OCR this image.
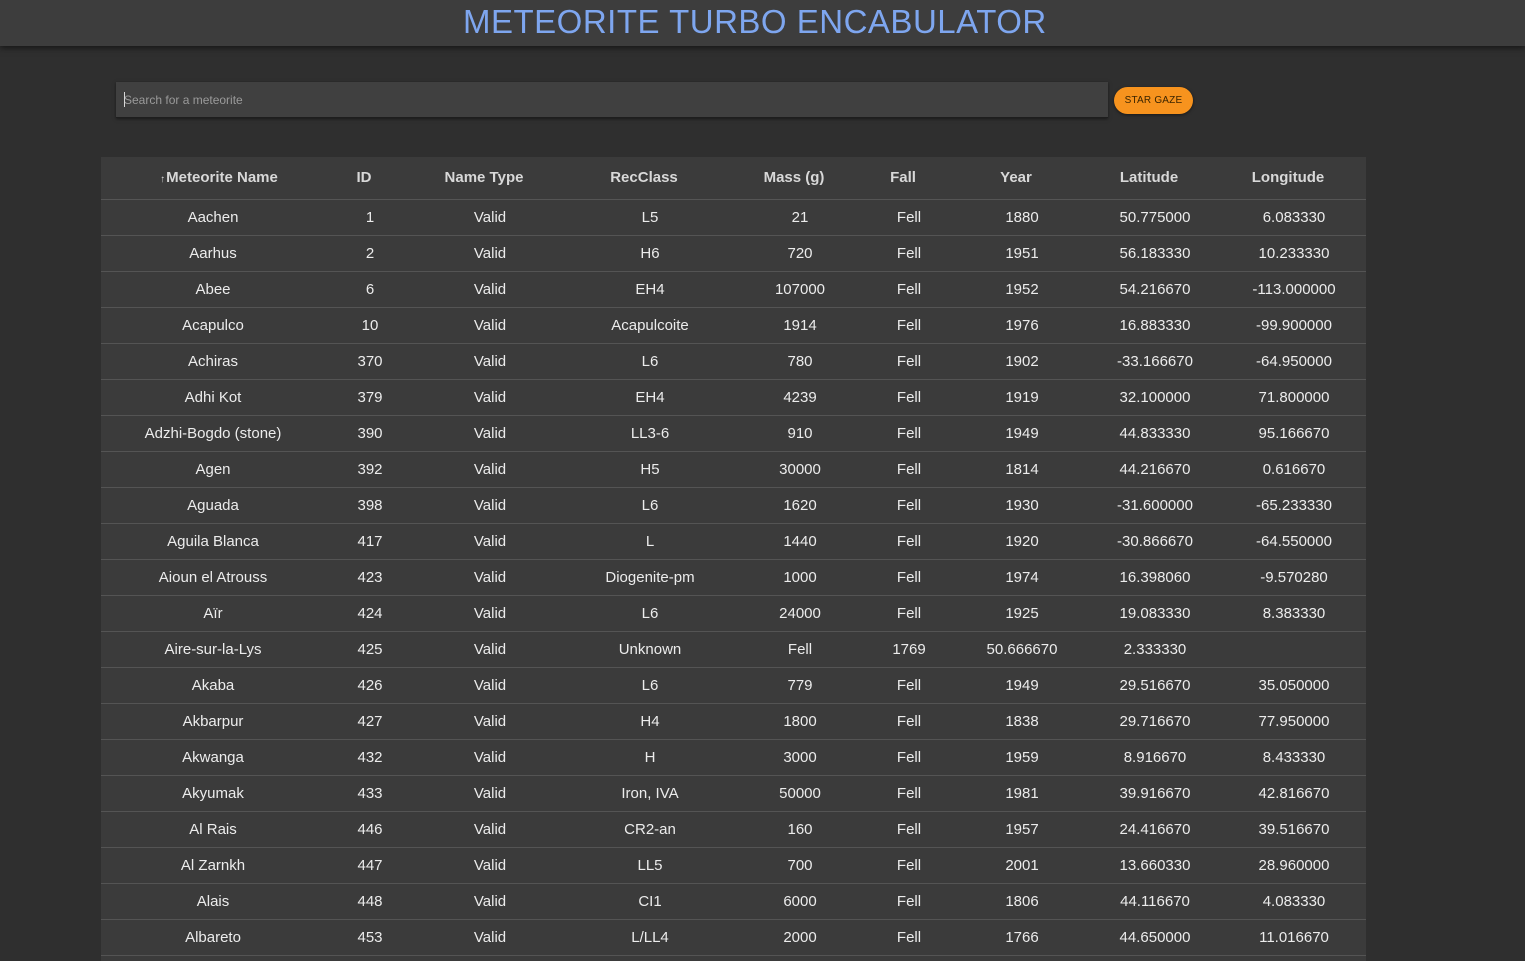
METEORITE TURBO ENCABULATOR
Search for a meteorite
STAR GAZE
↑Meteorite Name	ID	Name Type	RecClass	Mass (g)	Fall	Year	Latitude	Longitude
Aachen	1	Valid	L5	21	Fell	1880	50.775000	6.083330
Aarhus	2	Valid	H6	720	Fell	1951	56.183330	10.233330
Abee	6	Valid	EH4	107000	Fell	1952	54.216670	-113.000000
Acapulco	10	Valid	Acapulcoite	1914	Fell	1976	16.883330	-99.900000
Achiras	370	Valid	L6	780	Fell	1902	-33.166670	-64.950000
Adhi Kot	379	Valid	EH4	4239	Fell	1919	32.100000	71.800000
Adzhi-Bogdo (stone)	390	Valid	LL3-6	910	Fell	1949	44.833330	95.166670
Agen	392	Valid	H5	30000	Fell	1814	44.216670	0.616670
Aguada	398	Valid	L6	1620	Fell	1930	-31.600000	-65.233330
Aguila Blanca	417	Valid	L	1440	Fell	1920	-30.866670	-64.550000
Aioun el Atrouss	423	Valid	Diogenite-pm	1000	Fell	1974	16.398060	-9.570280
Aïr	424	Valid	L6	24000	Fell	1925	19.083330	8.383330
Aire-sur-la-Lys	425	Valid	Unknown	Fell	1769	50.666670	2.333330
Akaba	426	Valid	L6	779	Fell	1949	29.516670	35.050000
Akbarpur	427	Valid	H4	1800	Fell	1838	29.716670	77.950000
Akwanga	432	Valid	H	3000	Fell	1959	8.916670	8.433330
Akyumak	433	Valid	Iron, IVA	50000	Fell	1981	39.916670	42.816670
Al Rais	446	Valid	CR2-an	160	Fell	1957	24.416670	39.516670
Al Zarnkh	447	Valid	LL5	700	Fell	2001	13.660330	28.960000
Alais	448	Valid	CI1	6000	Fell	1806	44.116670	4.083330
Albareto	453	Valid	L/LL4	2000	Fell	1766	44.650000	11.016670
